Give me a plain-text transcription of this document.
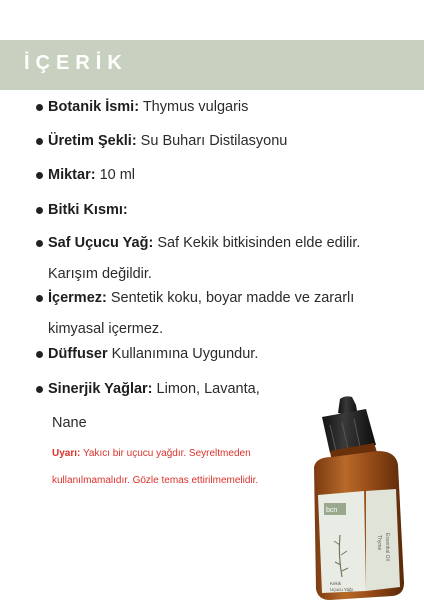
İÇERİK
Botanik İsmi: Thymus vulgaris
Üretim Şekli: Su Buharı Distilasyonu
Miktar: 10 ml
Bitki Kısmı:
Saf Uçucu Yağ: Saf Kekik bitkisinden elde edilir. Karışım değildir.
İçermez: Sentetik koku, boyar madde ve zararlı kimyasal içermez.
Düffuser Kullanımına Uygundur.
Sinerjik Yağlar: Limon, Lavanta,
Nane
Uyarı: Yakıcı bir uçucu yağdır. Seyreltmeden kullanılmamalıdır. Gözle temas ettirilmemelidir.
bcn
Kekik
Uçucu Yağı
Thyme Essential Oil
